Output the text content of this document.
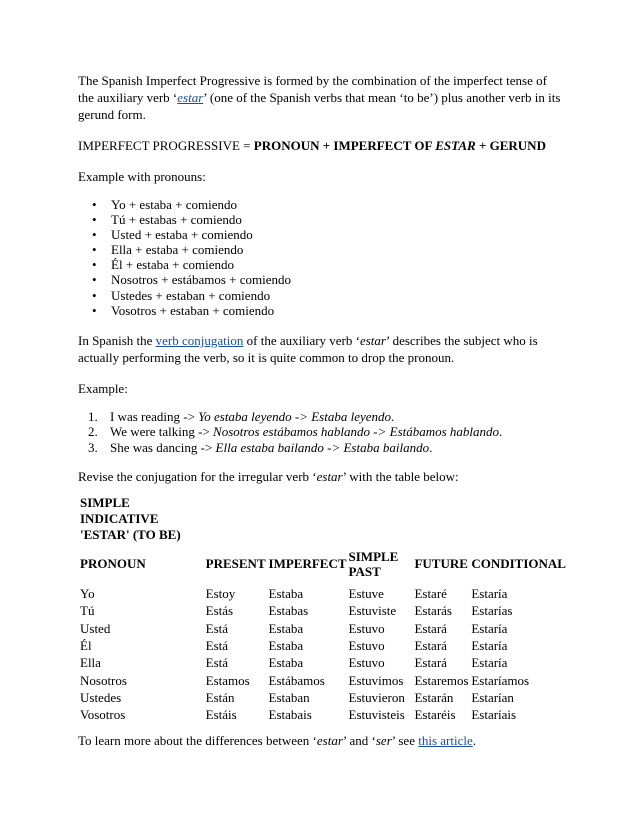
The Spanish Imperfect Progressive is formed by the combination of the imperfect tense of the auxiliary verb ‘estar’ (one of the Spanish verbs that mean ‘to be’) plus another verb in its gerund form.

IMPERFECT PROGRESSIVE = PRONOUN + IMPERFECT OF ESTAR + GERUND

Example with pronouns:

• Yo + estaba + comiendo
• Tú + estabas + comiendo
• Usted + estaba + comiendo
• Ella + estaba + comiendo
• Él + estaba + comiendo
• Nosotros + estábamos + comiendo
• Ustedes + estaban + comiendo
• Vosotros + estaban + comiendo

In Spanish the verb conjugation of the auxiliary verb ‘estar’ describes the subject who is actually performing the verb, so it is quite common to drop the pronoun.

Example:

1. I was reading -> Yo estaba leyendo -> Estaba leyendo.
2. We were talking -> Nosotros estábamos hablando -> Estábamos hablando.
3. She was dancing -> Ella estaba bailando -> Estaba bailando.

Revise the conjugation for the irregular verb ‘estar’ with the table below:

SIMPLE INDICATIVE 'ESTAR' (TO BE)					
PRONOUN	PRESENT	IMPERFECT	SIMPLE PAST	FUTURE	CONDITIONAL
Yo	Estoy	Estaba	Estuve	Estaré	Estaría
Tú	Estás	Estabas	Estuviste	Estarás	Estarías
Usted	Está	Estaba	Estuvo	Estará	Estaría
Él	Está	Estaba	Estuvo	Estará	Estaría
Ella	Está	Estaba	Estuvo	Estará	Estaría
Nosotros	Estamos	Estábamos	Estuvimos	Estaremos	Estaríamos
Ustedes	Están	Estaban	Estuvieron	Estarán	Estarían
Vosotros	Estáis	Estabais	Estuvisteis	Estaréis	Estaríais

To learn more about the differences between ‘estar’ and ‘ser’ see this article.
